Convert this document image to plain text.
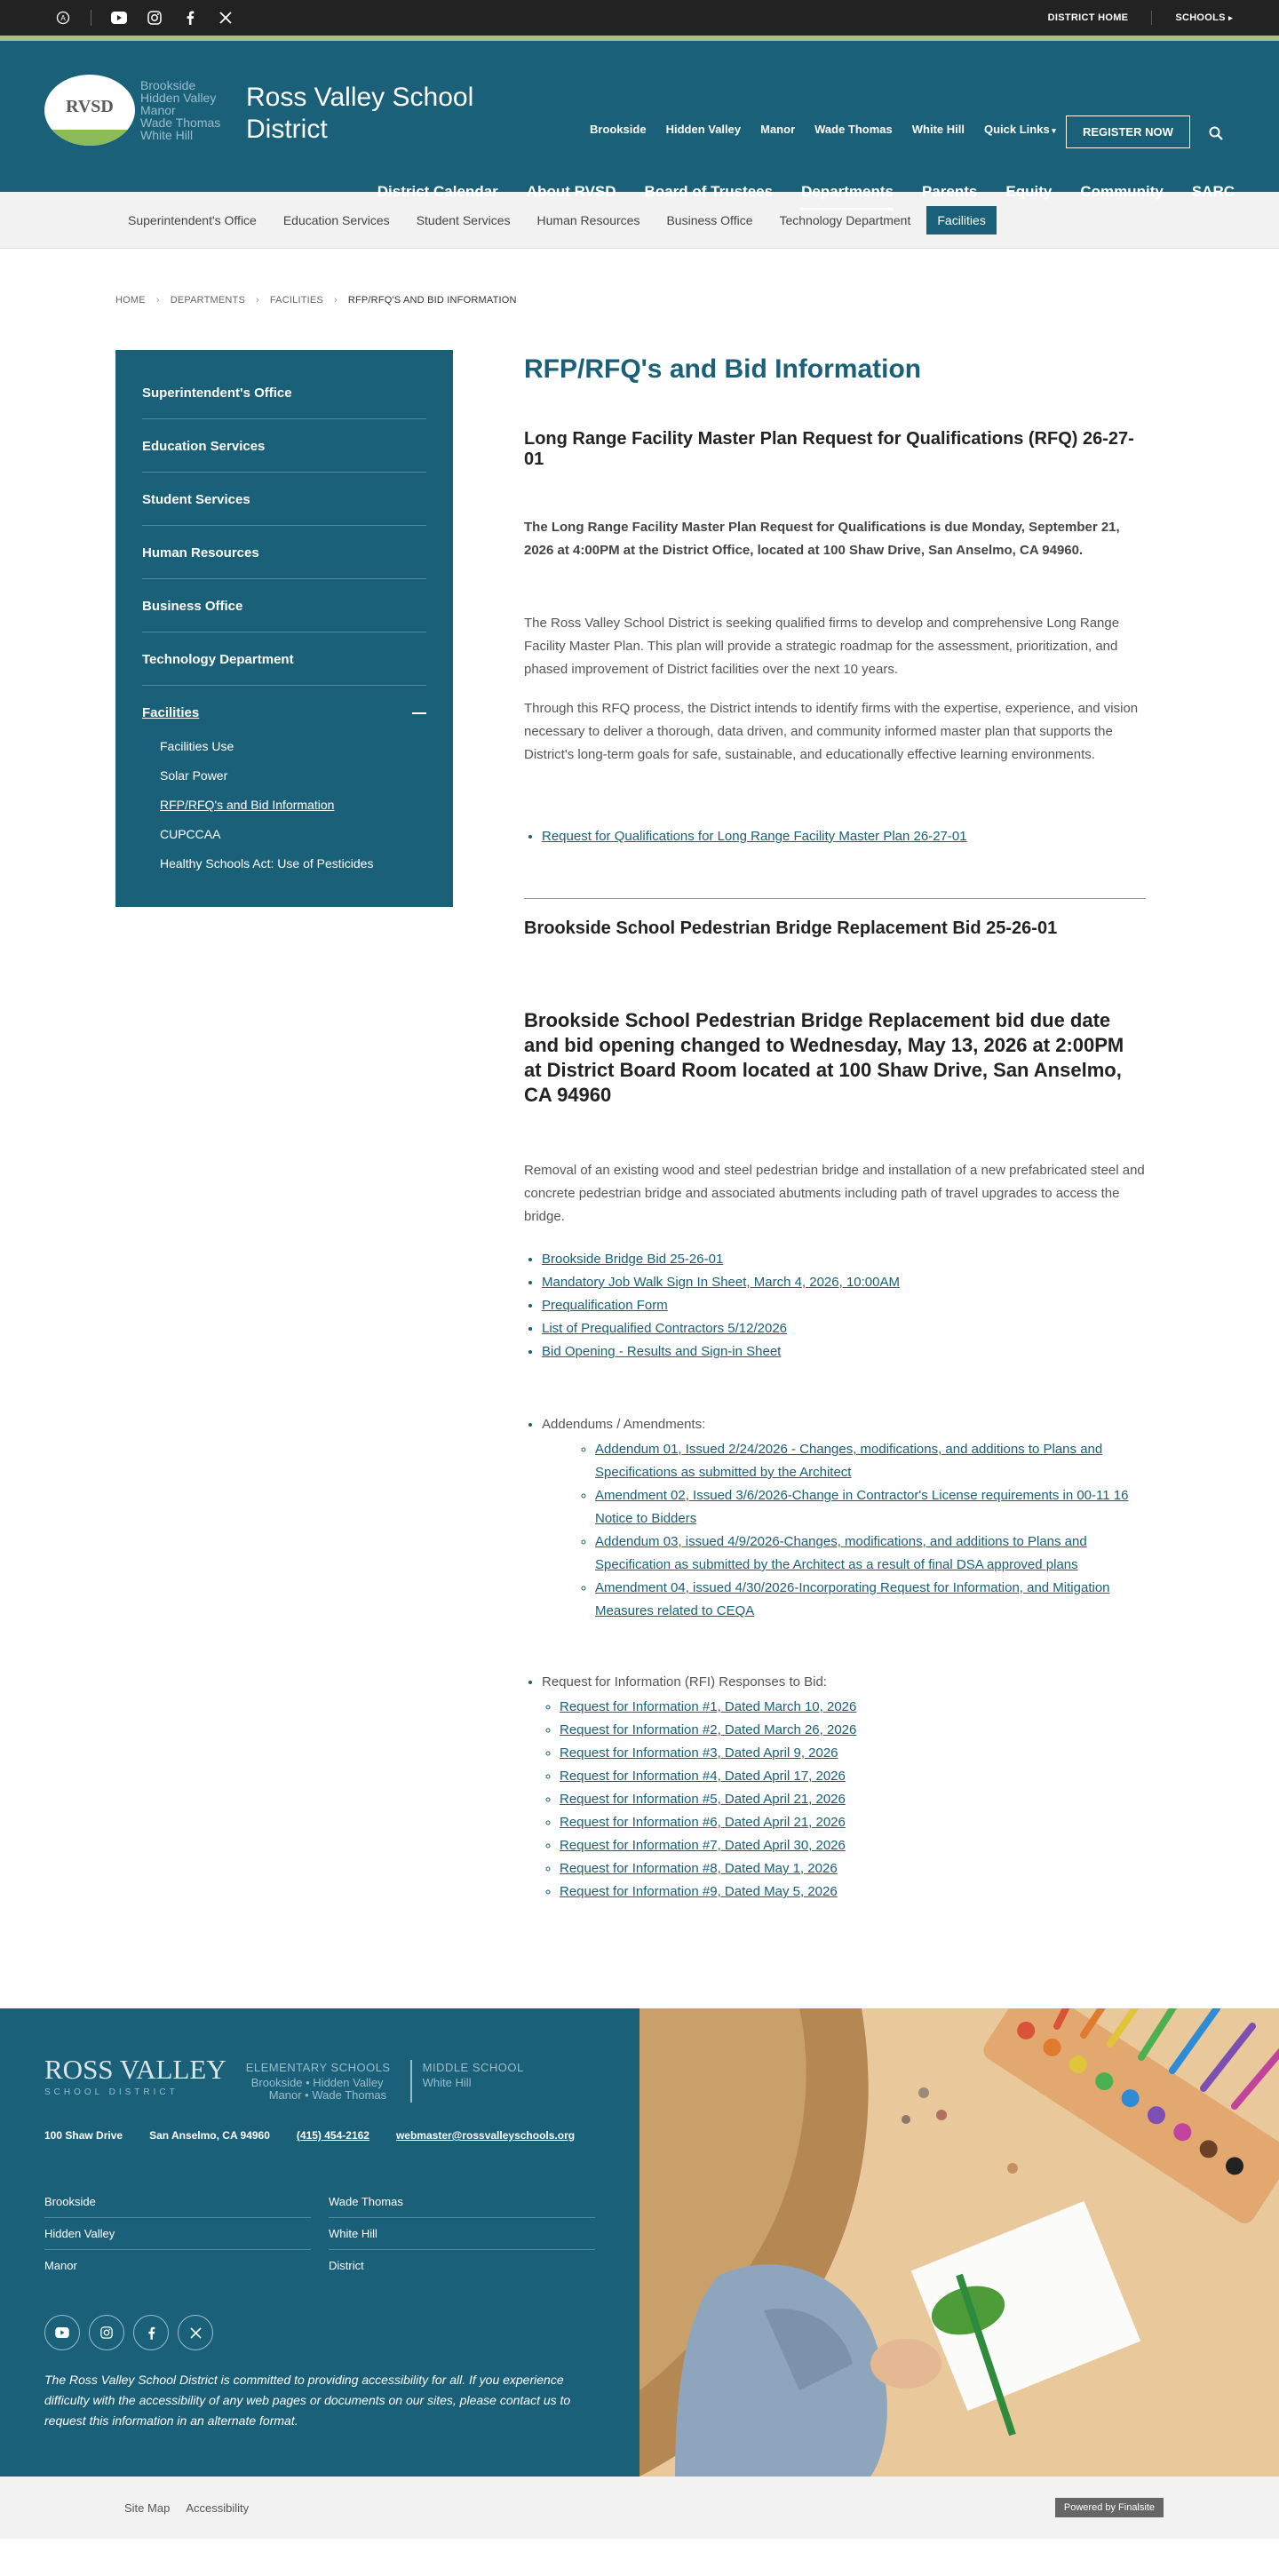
A	DISTRICT HOME	SCHOOLS ▸
RVSD
Brookside
Hidden Valley
Manor
Wade Thomas
White Hill
Ross Valley School District	Brookside Hidden Valley Manor Wade Thomas White Hill Quick Links ▾	REGISTER NOW
District Calendar About RVSD Board of Trustees Departments Parents Equity Community SARC
Superintendent's Office	Education Services	Student Services	Human Resources	Business Office	Technology Department	Facilities
HOME › DEPARTMENTS › FACILITIES › RFP/RFQ'S AND BID INFORMATION
Superintendent's Office
Education Services
Student Services
Human Resources
Business Office
Technology Department
Facilities
Facilities Use
Solar Power
RFP/RFQ's and Bid Information
CUPCCAA
Healthy Schools Act: Use of Pesticides
RFP/RFQ's and Bid Information
Long Range Facility Master Plan Request for Qualifications (RFQ) 26-27-01

The Long Range Facility Master Plan Request for Qualifications is due Monday, September 21, 2026 at 4:00PM at the District Office, located at 100 Shaw Drive, San Anselmo, CA 94960.

The Ross Valley School District is seeking qualified firms to develop and comprehensive Long Range Facility Master Plan. This plan will provide a strategic roadmap for the assessment, prioritization, and phased improvement of District facilities over the next 10 years.

Through this RFQ process, the District intends to identify firms with the expertise, experience, and vision necessary to deliver a thorough, data driven, and community informed master plan that supports the District's long-term goals for safe, sustainable, and educationally effective learning environments.

• Request for Qualifications for Long Range Facility Master Plan 26-27-01
Brookside School Pedestrian Bridge Replacement Bid 25-26-01

Brookside School Pedestrian Bridge Replacement bid due date and bid opening changed to Wednesday, May 13, 2026 at 2:00PM at District Board Room located at 100 Shaw Drive, San Anselmo, CA 94960

Removal of an existing wood and steel pedestrian bridge and installation of a new prefabricated steel and concrete pedestrian bridge and associated abutments including path of travel upgrades to access the bridge.

• Brookside Bridge Bid 25-26-01
• Mandatory Job Walk Sign In Sheet, March 4, 2026, 10:00AM
• Prequalification Form
• List of Prequalified Contractors 5/12/2026
• Bid Opening - Results and Sign-in Sheet
• Addendums / Amendments:
◦ Addendum 01, Issued 2/24/2026 - Changes, modifications, and additions to Plans and Specifications as submitted by the Architect
◦ Amendment 02, Issued 3/6/2026-Change in Contractor's License requirements in 00-11 16 Notice to Bidders
◦ Addendum 03, issued 4/9/2026-Changes, modifications, and additions to Plans and Specification as submitted by the Architect as a result of final DSA approved plans
◦ Amendment 04, issued 4/30/2026-Incorporating Request for Information, and Mitigation Measures related to CEQA
• Request for Information (RFI) Responses to Bid:
◦ Request for Information #1, Dated March 10, 2026
◦ Request for Information #2, Dated March 26, 2026
◦ Request for Information #3, Dated April 9, 2026
◦ Request for Information #4, Dated April 17, 2026
◦ Request for Information #5, Dated April 21, 2026
◦ Request for Information #6, Dated April 21, 2026
◦ Request for Information #7, Dated April 30, 2026
◦ Request for Information #8, Dated May 1, 2026
◦ Request for Information #9, Dated May 5, 2026
ROSS VALLEY
SCHOOL DISTRICT
ELEMENTARY SCHOOLS
Brookside • Hidden Valley
Manor • Wade Thomas
MIDDLE SCHOOL
White Hill
100 Shaw Drive	San Anselmo, CA 94960	(415) 454-2162	webmaster@rossvalleyschools.org
Brookside	Wade Thomas
Hidden Valley	White Hill
Manor	District

The Ross Valley School District is committed to providing accessibility for all. If you experience difficulty with the accessibility of any web pages or documents on our sites, please contact us to request this information in an alternate format.

Site Map Accessibility	Powered by Finalsite
